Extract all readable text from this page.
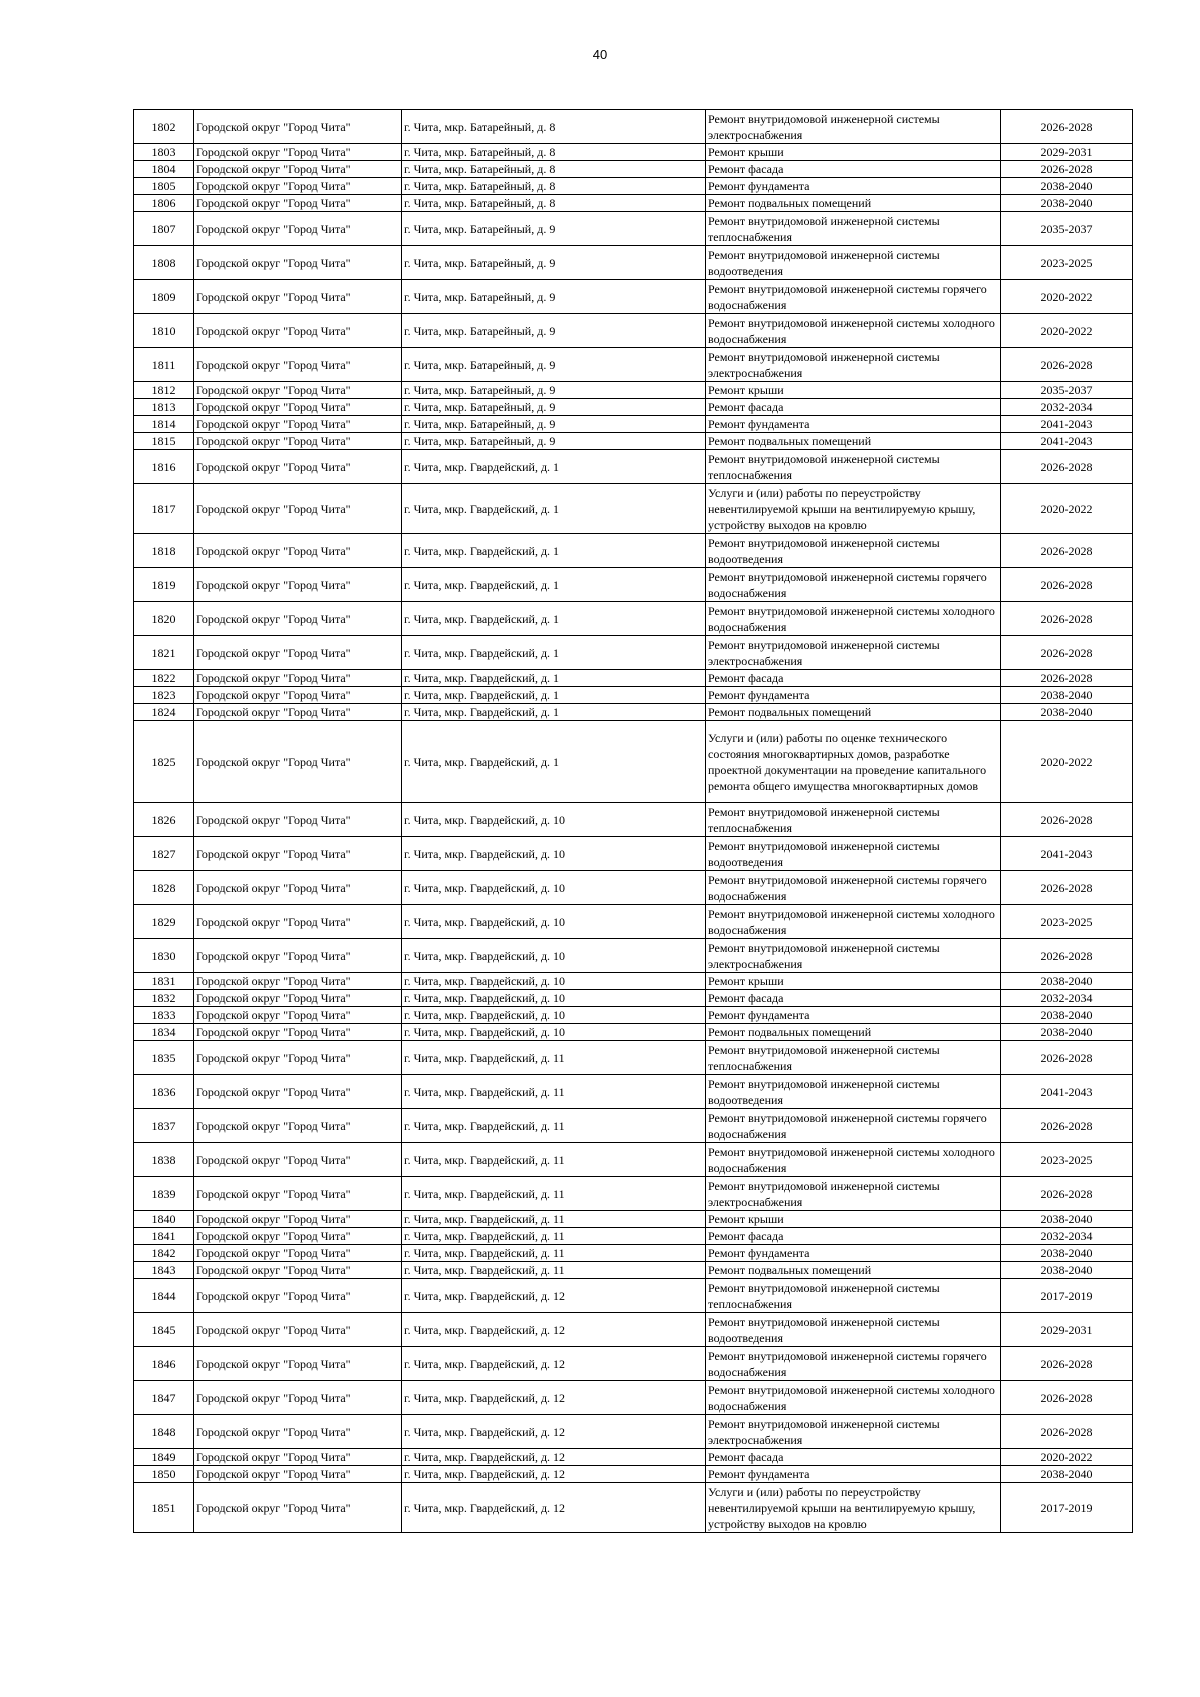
40
1802	Городской округ "Город Чита"	г. Чита, мкр. Батарейный, д. 8	Ремонт внутридомовой инженерной системы электроснабжения	2026-2028
1803	Городской округ "Город Чита"	г. Чита, мкр. Батарейный, д. 8	Ремонт крыши	2029-2031
1804	Городской округ "Город Чита"	г. Чита, мкр. Батарейный, д. 8	Ремонт фасада	2026-2028
1805	Городской округ "Город Чита"	г. Чита, мкр. Батарейный, д. 8	Ремонт фундамента	2038-2040
1806	Городской округ "Город Чита"	г. Чита, мкр. Батарейный, д. 8	Ремонт подвальных помещений	2038-2040
1807	Городской округ "Город Чита"	г. Чита, мкр. Батарейный, д. 9	Ремонт внутридомовой инженерной системы теплоснабжения	2035-2037
1808	Городской округ "Город Чита"	г. Чита, мкр. Батарейный, д. 9	Ремонт внутридомовой инженерной системы водоотведения	2023-2025
1809	Городской округ "Город Чита"	г. Чита, мкр. Батарейный, д. 9	Ремонт внутридомовой инженерной системы горячего водоснабжения	2020-2022
1810	Городской округ "Город Чита"	г. Чита, мкр. Батарейный, д. 9	Ремонт внутридомовой инженерной системы холодного водоснабжения	2020-2022
1811	Городской округ "Город Чита"	г. Чита, мкр. Батарейный, д. 9	Ремонт внутридомовой инженерной системы электроснабжения	2026-2028
1812	Городской округ "Город Чита"	г. Чита, мкр. Батарейный, д. 9	Ремонт крыши	2035-2037
1813	Городской округ "Город Чита"	г. Чита, мкр. Батарейный, д. 9	Ремонт фасада	2032-2034
1814	Городской округ "Город Чита"	г. Чита, мкр. Батарейный, д. 9	Ремонт фундамента	2041-2043
1815	Городской округ "Город Чита"	г. Чита, мкр. Батарейный, д. 9	Ремонт подвальных помещений	2041-2043
1816	Городской округ "Город Чита"	г. Чита, мкр. Гвардейский, д. 1	Ремонт внутридомовой инженерной системы теплоснабжения	2026-2028
1817	Городской округ "Город Чита"	г. Чита, мкр. Гвардейский, д. 1	Услуги и (или) работы по переустройству невентилируемой крыши на вентилируемую крышу, устройству выходов на кровлю	2020-2022
1818	Городской округ "Город Чита"	г. Чита, мкр. Гвардейский, д. 1	Ремонт внутридомовой инженерной системы водоотведения	2026-2028
1819	Городской округ "Город Чита"	г. Чита, мкр. Гвардейский, д. 1	Ремонт внутридомовой инженерной системы горячего водоснабжения	2026-2028
1820	Городской округ "Город Чита"	г. Чита, мкр. Гвардейский, д. 1	Ремонт внутридомовой инженерной системы холодного водоснабжения	2026-2028
1821	Городской округ "Город Чита"	г. Чита, мкр. Гвардейский, д. 1	Ремонт внутридомовой инженерной системы электроснабжения	2026-2028
1822	Городской округ "Город Чита"	г. Чита, мкр. Гвардейский, д. 1	Ремонт фасада	2026-2028
1823	Городской округ "Город Чита"	г. Чита, мкр. Гвардейский, д. 1	Ремонт фундамента	2038-2040
1824	Городской округ "Город Чита"	г. Чита, мкр. Гвардейский, д. 1	Ремонт подвальных помещений	2038-2040
1825	Городской округ "Город Чита"	г. Чита, мкр. Гвардейский, д. 1	Услуги и (или) работы по оценке технического состояния многоквартирных домов, разработке проектной документации на проведение капитального ремонта общего имущества многоквартирных домов	2020-2022
1826	Городской округ "Город Чита"	г. Чита, мкр. Гвардейский, д. 10	Ремонт внутридомовой инженерной системы теплоснабжения	2026-2028
1827	Городской округ "Город Чита"	г. Чита, мкр. Гвардейский, д. 10	Ремонт внутридомовой инженерной системы водоотведения	2041-2043
1828	Городской округ "Город Чита"	г. Чита, мкр. Гвардейский, д. 10	Ремонт внутридомовой инженерной системы горячего водоснабжения	2026-2028
1829	Городской округ "Город Чита"	г. Чита, мкр. Гвардейский, д. 10	Ремонт внутридомовой инженерной системы холодного водоснабжения	2023-2025
1830	Городской округ "Город Чита"	г. Чита, мкр. Гвардейский, д. 10	Ремонт внутридомовой инженерной системы электроснабжения	2026-2028
1831	Городской округ "Город Чита"	г. Чита, мкр. Гвардейский, д. 10	Ремонт крыши	2038-2040
1832	Городской округ "Город Чита"	г. Чита, мкр. Гвардейский, д. 10	Ремонт фасада	2032-2034
1833	Городской округ "Город Чита"	г. Чита, мкр. Гвардейский, д. 10	Ремонт фундамента	2038-2040
1834	Городской округ "Город Чита"	г. Чита, мкр. Гвардейский, д. 10	Ремонт подвальных помещений	2038-2040
1835	Городской округ "Город Чита"	г. Чита, мкр. Гвардейский, д. 11	Ремонт внутридомовой инженерной системы теплоснабжения	2026-2028
1836	Городской округ "Город Чита"	г. Чита, мкр. Гвардейский, д. 11	Ремонт внутридомовой инженерной системы водоотведения	2041-2043
1837	Городской округ "Город Чита"	г. Чита, мкр. Гвардейский, д. 11	Ремонт внутридомовой инженерной системы горячего водоснабжения	2026-2028
1838	Городской округ "Город Чита"	г. Чита, мкр. Гвардейский, д. 11	Ремонт внутридомовой инженерной системы холодного водоснабжения	2023-2025
1839	Городской округ "Город Чита"	г. Чита, мкр. Гвардейский, д. 11	Ремонт внутридомовой инженерной системы электроснабжения	2026-2028
1840	Городской округ "Город Чита"	г. Чита, мкр. Гвардейский, д. 11	Ремонт крыши	2038-2040
1841	Городской округ "Город Чита"	г. Чита, мкр. Гвардейский, д. 11	Ремонт фасада	2032-2034
1842	Городской округ "Город Чита"	г. Чита, мкр. Гвардейский, д. 11	Ремонт фундамента	2038-2040
1843	Городской округ "Город Чита"	г. Чита, мкр. Гвардейский, д. 11	Ремонт подвальных помещений	2038-2040
1844	Городской округ "Город Чита"	г. Чита, мкр. Гвардейский, д. 12	Ремонт внутридомовой инженерной системы теплоснабжения	2017-2019
1845	Городской округ "Город Чита"	г. Чита, мкр. Гвардейский, д. 12	Ремонт внутридомовой инженерной системы водоотведения	2029-2031
1846	Городской округ "Город Чита"	г. Чита, мкр. Гвардейский, д. 12	Ремонт внутридомовой инженерной системы горячего водоснабжения	2026-2028
1847	Городской округ "Город Чита"	г. Чита, мкр. Гвардейский, д. 12	Ремонт внутридомовой инженерной системы холодного водоснабжения	2026-2028
1848	Городской округ "Город Чита"	г. Чита, мкр. Гвардейский, д. 12	Ремонт внутридомовой инженерной системы электроснабжения	2026-2028
1849	Городской округ "Город Чита"	г. Чита, мкр. Гвардейский, д. 12	Ремонт фасада	2020-2022
1850	Городской округ "Город Чита"	г. Чита, мкр. Гвардейский, д. 12	Ремонт фундамента	2038-2040
1851	Городской округ "Город Чита"	г. Чита, мкр. Гвардейский, д. 12	Услуги и (или) работы по переустройству невентилируемой крыши на вентилируемую крышу, устройству выходов на кровлю	2017-2019
